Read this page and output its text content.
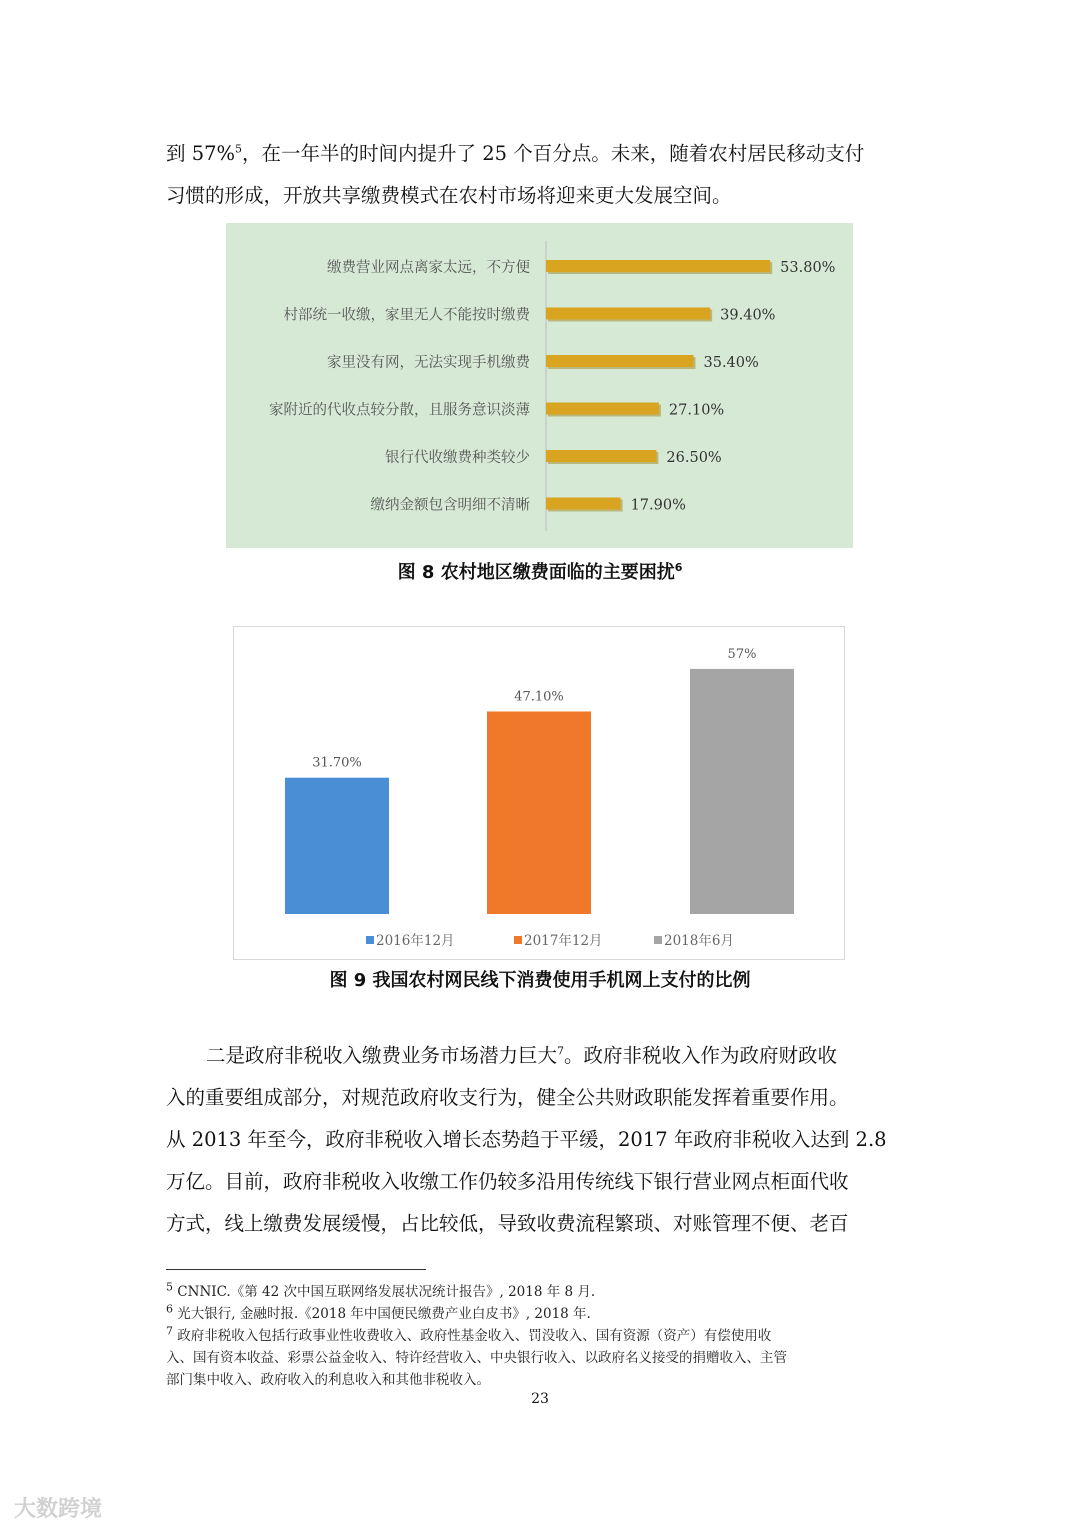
到 57%$^5$，在一年半的时间内提升了 25 个百分点。未来，随着农村居民移动支付
习惯的形成，开放共享缴费模式在农村市场将迎来更大发展空间。
缴费营业网点离家太远，不方便	53.80%
村部统一收缴，家里无人不能按时缴费	39.40%
家里没有网，无法实现手机缴费	35.40%
家附近的代收点较分散，且服务意识淡薄	27.10%
银行代收缴费种类较少	26.50%
缴纳金额包含明细不清晰	17.90%
图 8 农村地区缴费面临的主要困扰$^6$
31.70%
47.10%
57%
2016年12月	2017年12月	2018年6月
图 9 我国农村网民线下消费使用手机网上支付的比例
二是政府非税收入缴费业务市场潜力巨大$^7$。政府非税收入作为政府财政收
入的重要组成部分，对规范政府收支行为，健全公共财政职能发挥着重要作用。
从 2013 年至今，政府非税收入增长态势趋于平缓，2017 年政府非税收入达到 2.8
万亿。目前，政府非税收入收缴工作仍较多沿用传统线下银行营业网点柜面代收
方式，线上缴费发展缓慢，占比较低，导致收费流程繁琐、对账管理不便、老百
$^5$ CNNIC.《第 42 次中国互联网络发展状况统计报告》, 2018 年 8 月.
$^6$ 光大银行, 金融时报.《2018 年中国便民缴费产业白皮书》, 2018 年.
$^7$ 政府非税收入包括行政事业性收费收入、政府性基金收入、罚没收入、国有资源（资产）有偿使用收
入、国有资本收益、彩票公益金收入、特许经营收入、中央银行收入、以政府名义接受的捐赠收入、主管
部门集中收入、政府收入的利息收入和其他非税收入。
23
大数跨境
